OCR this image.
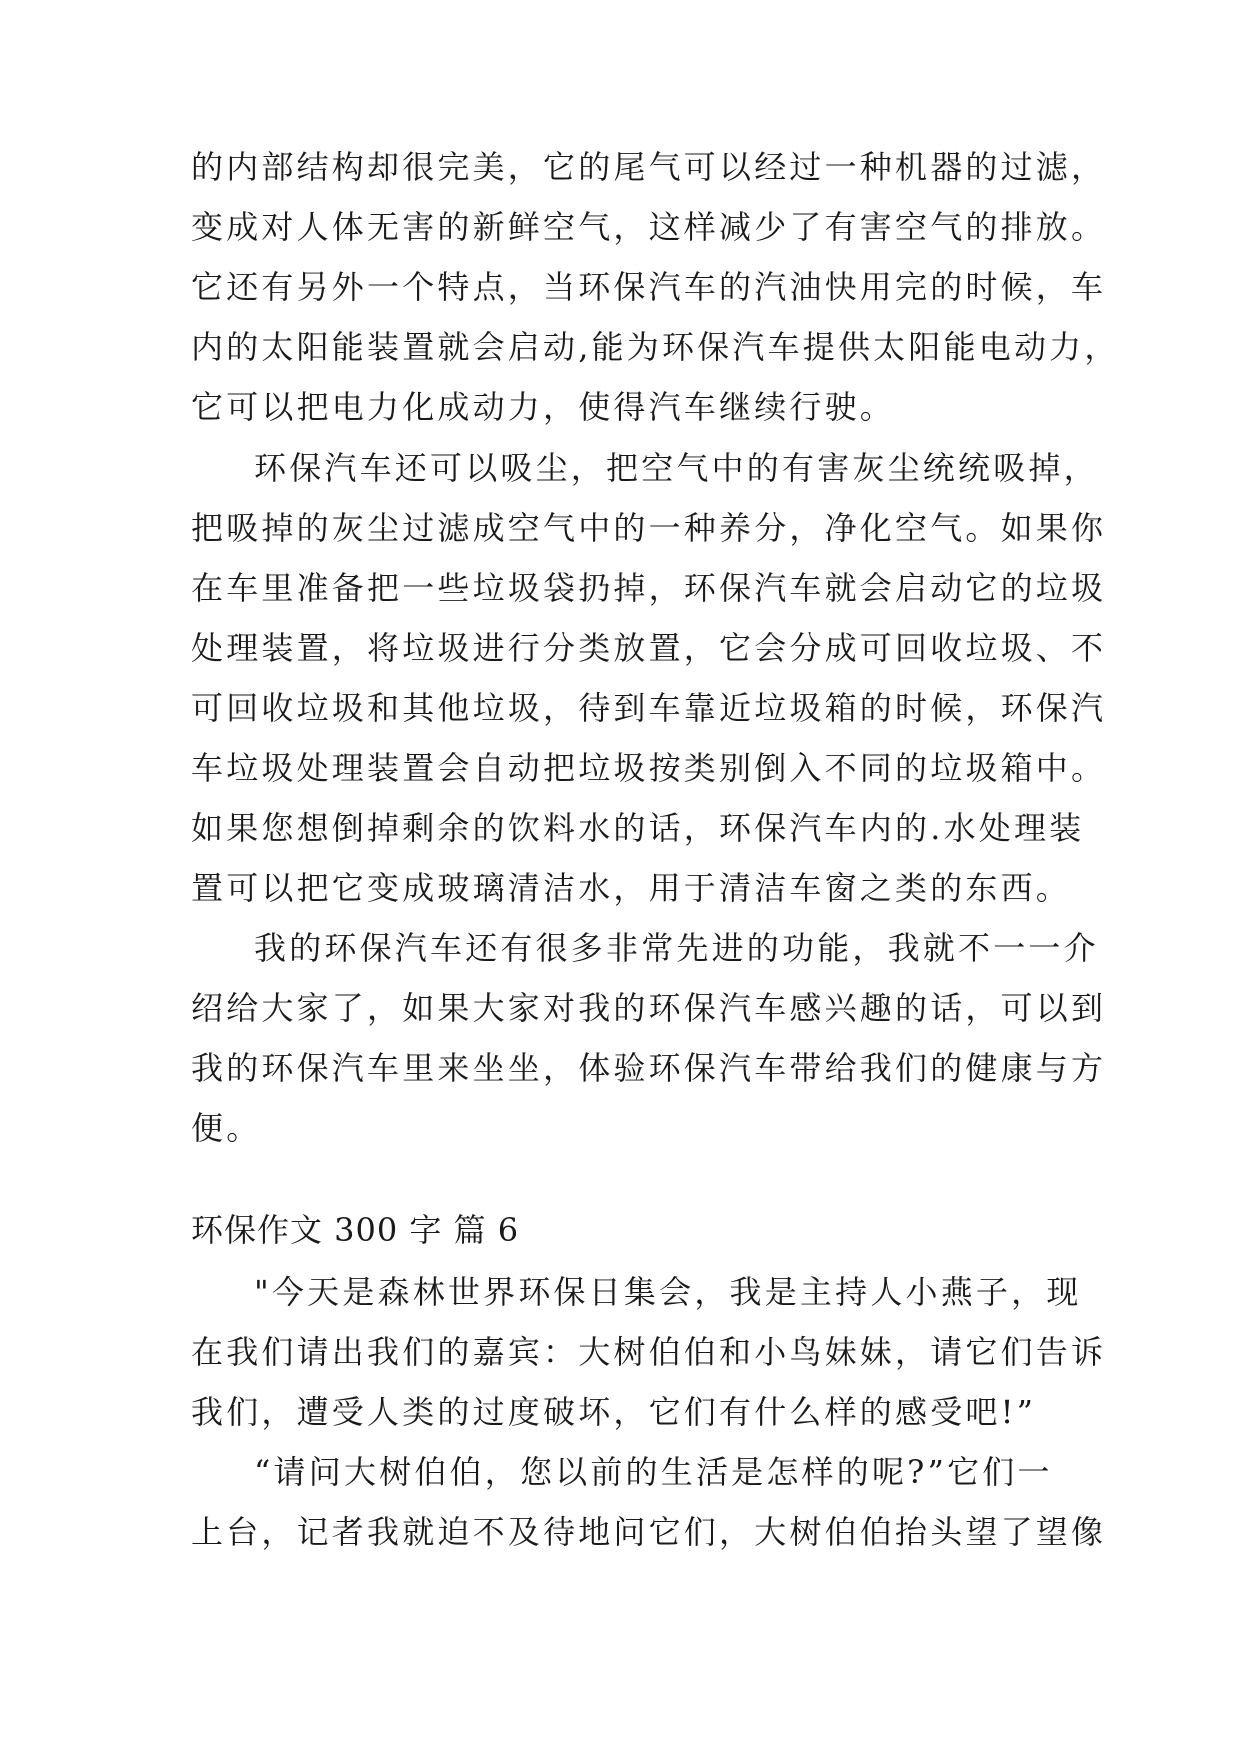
的内部结构却很完美，它的尾气可以经过一种机器的过滤，
变成对人体无害的新鲜空气，这样减少了有害空气的排放。
它还有另外一个特点，当环保汽车的汽油快用完的时候，车
内的太阳能装置就会启动,能为环保汽车提供太阳能电动力，
它可以把电力化成动力，使得汽车继续行驶。
环保汽车还可以吸尘，把空气中的有害灰尘统统吸掉，
把吸掉的灰尘过滤成空气中的一种养分，净化空气。如果你
在车里准备把一些垃圾袋扔掉，环保汽车就会启动它的垃圾
处理装置，将垃圾进行分类放置，它会分成可回收垃圾、不
可回收垃圾和其他垃圾，待到车靠近垃圾箱的时候，环保汽
车垃圾处理装置会自动把垃圾按类别倒入不同的垃圾箱中。
如果您想倒掉剩余的饮料水的话，环保汽车内的.水处理装
置可以把它变成玻璃清洁水，用于清洁车窗之类的东西。
我的环保汽车还有很多非常先进的功能，我就不一一介
绍给大家了，如果大家对我的环保汽车感兴趣的话，可以到
我的环保汽车里来坐坐，体验环保汽车带给我们的健康与方
便。
环保作文 300 字 篇 6
"今天是森林世界环保日集会，我是主持人小燕子，现
在我们请出我们的嘉宾：大树伯伯和小鸟妹妹，请它们告诉
我们，遭受人类的过度破坏，它们有什么样的感受吧!”
“请问大树伯伯，您以前的生活是怎样的呢?”它们一
上台，记者我就迫不及待地问它们，大树伯伯抬头望了望像
